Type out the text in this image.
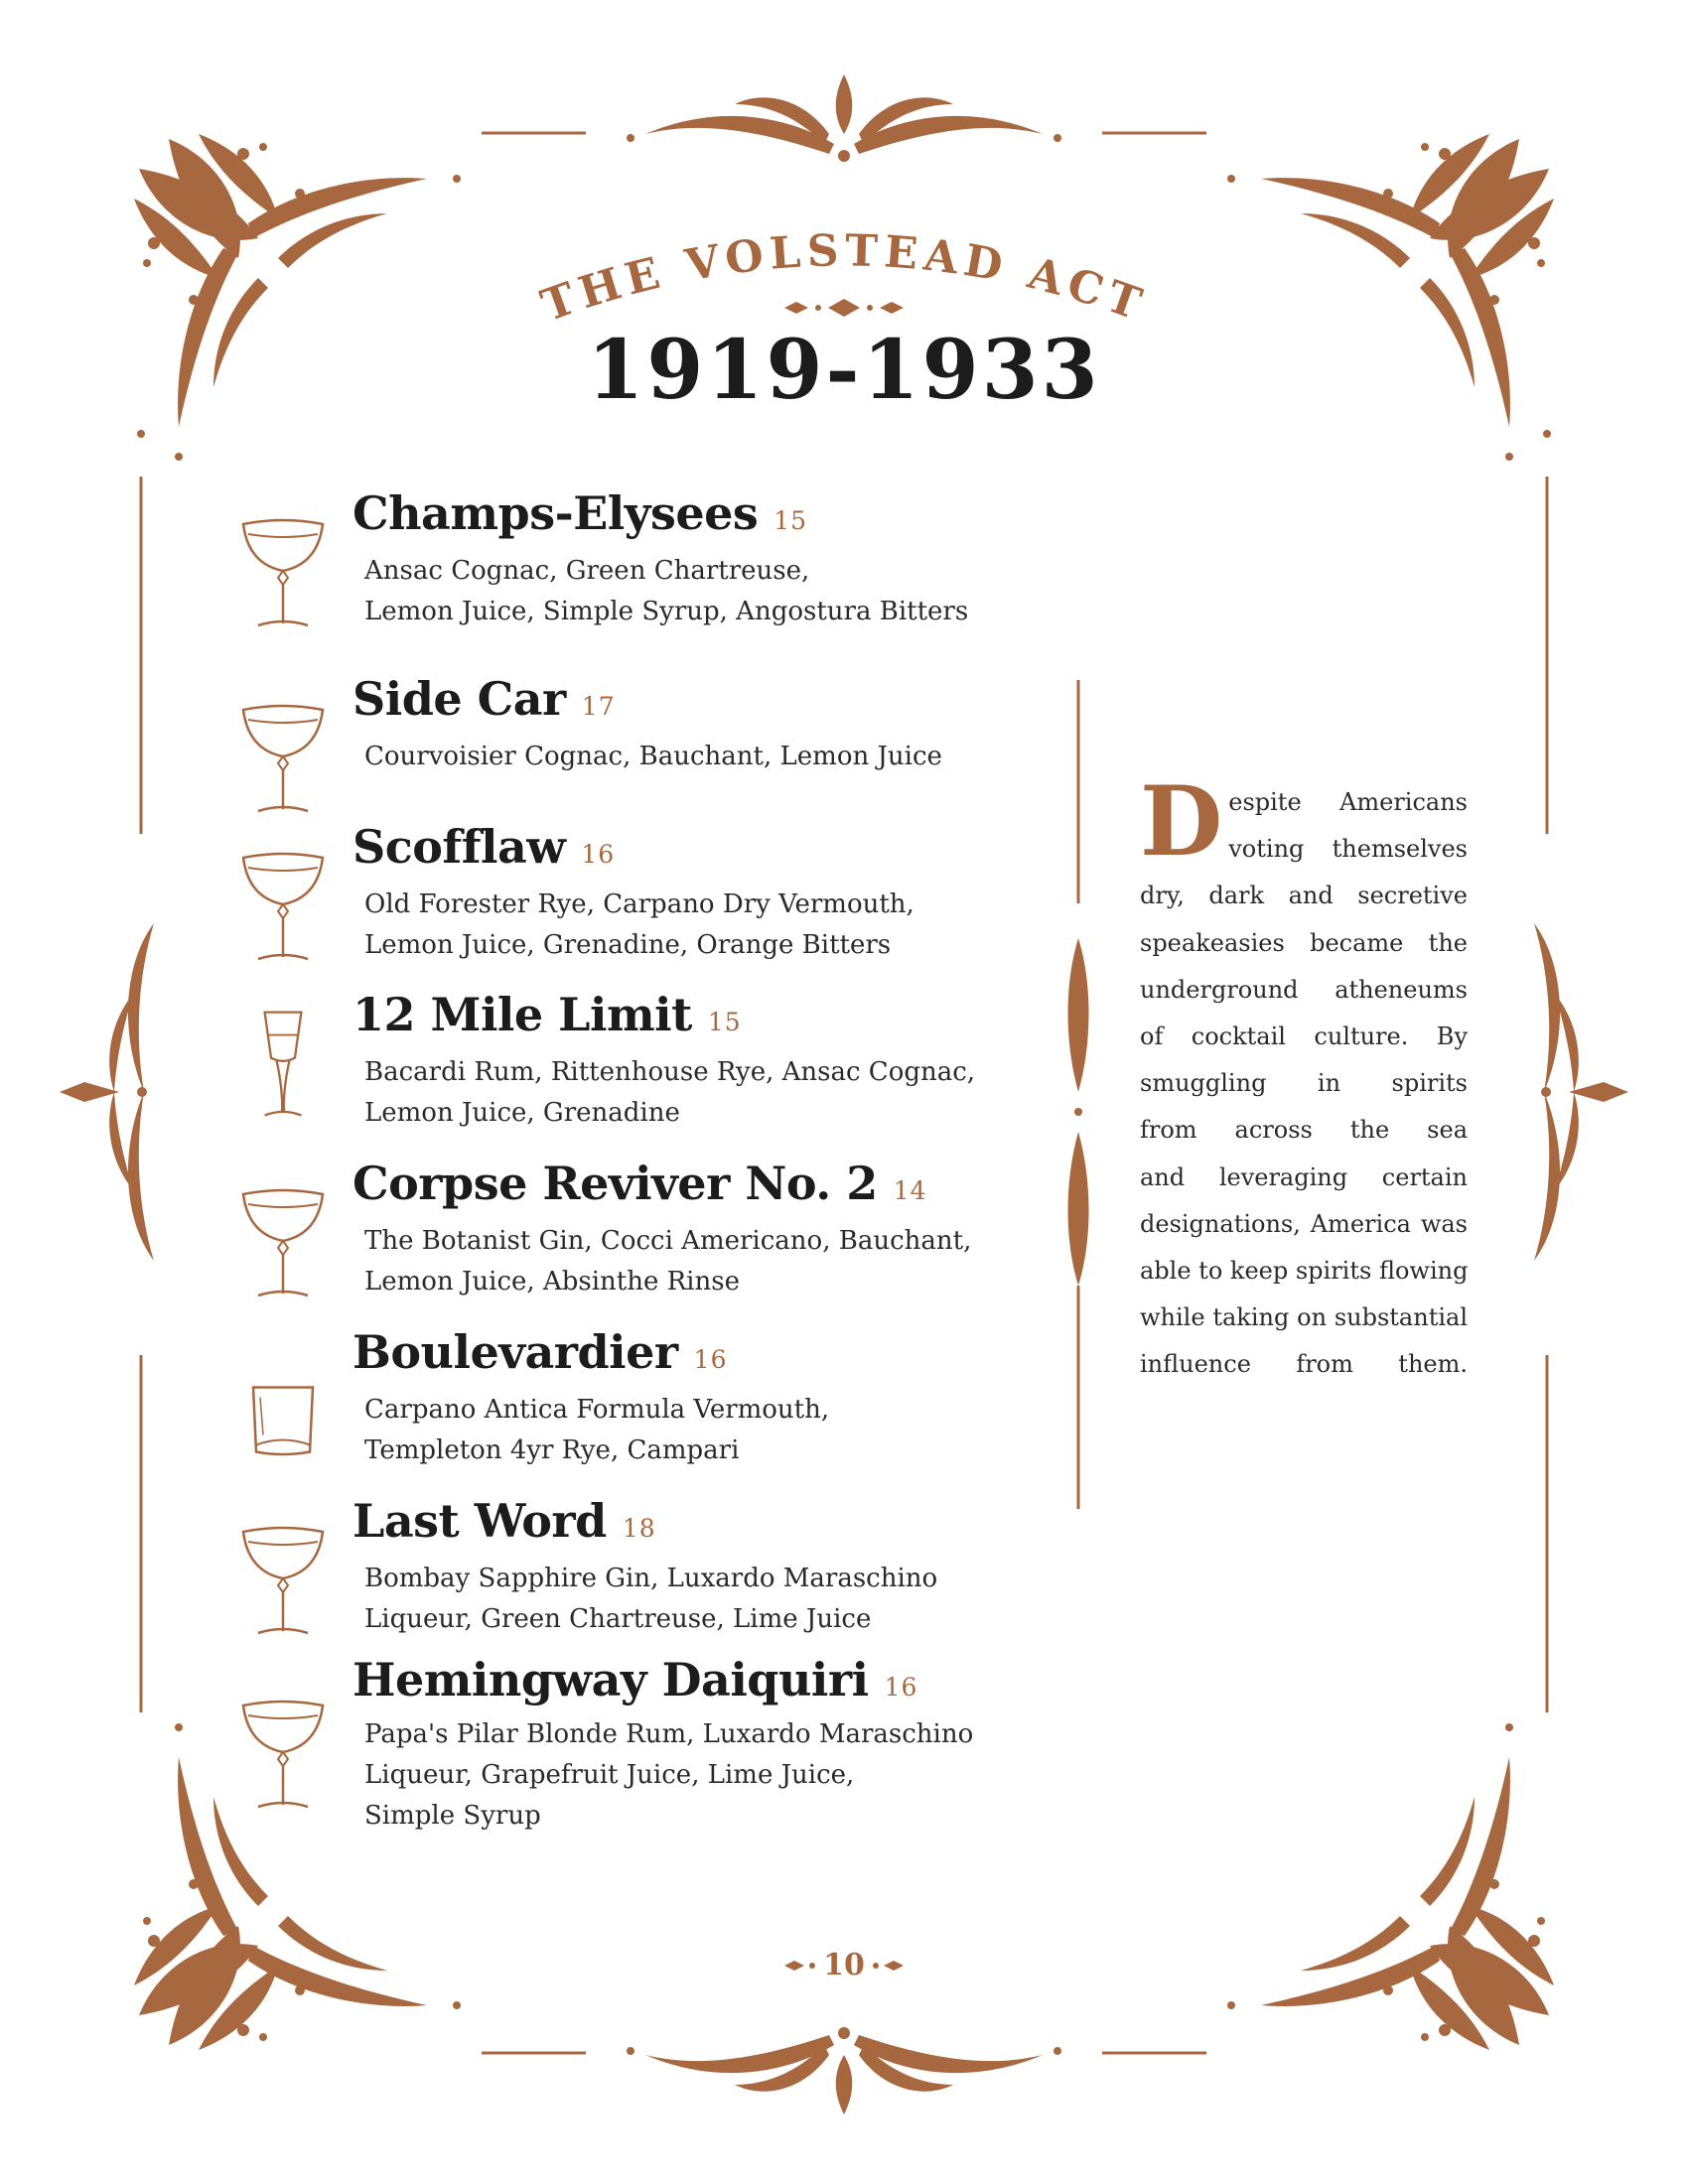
THE VOLSTEAD ACT
1919-1933
Champs-Elysees 15

Ansac Cognac, Green Chartreuse,
Lemon Juice, Simple Syrup, Angostura Bitters

Side Car 17

Courvoisier Cognac, Bauchant, Lemon Juice

Scofflaw 16

Old Forester Rye, Carpano Dry Vermouth,
Lemon Juice, Grenadine, Orange Bitters

12 Mile Limit 15

Bacardi Rum, Rittenhouse Rye, Ansac Cognac,
Lemon Juice, Grenadine

Corpse Reviver No. 2 14

The Botanist Gin, Cocci Americano, Bauchant,
Lemon Juice, Absinthe Rinse

Boulevardier 16

Carpano Antica Formula Vermouth,
Templeton 4yr Rye, Campari

Last Word 18

Bombay Sapphire Gin, Luxardo Maraschino
Liqueur, Green Chartreuse, Lime Juice

Hemingway Daiquiri 16

Papa's Pilar Blonde Rum, Luxardo Maraschino
Liqueur, Grapefruit Juice, Lime Juice,
Simple Syrup

D espite Americans
voting themselves
dry, dark and secretive
speakeasies became the
underground atheneums
of cocktail culture. By
smuggling in spirits
from across the sea
and leveraging certain
designations, America was
able to keep spirits flowing
while taking on substantial
influence from them.
10
